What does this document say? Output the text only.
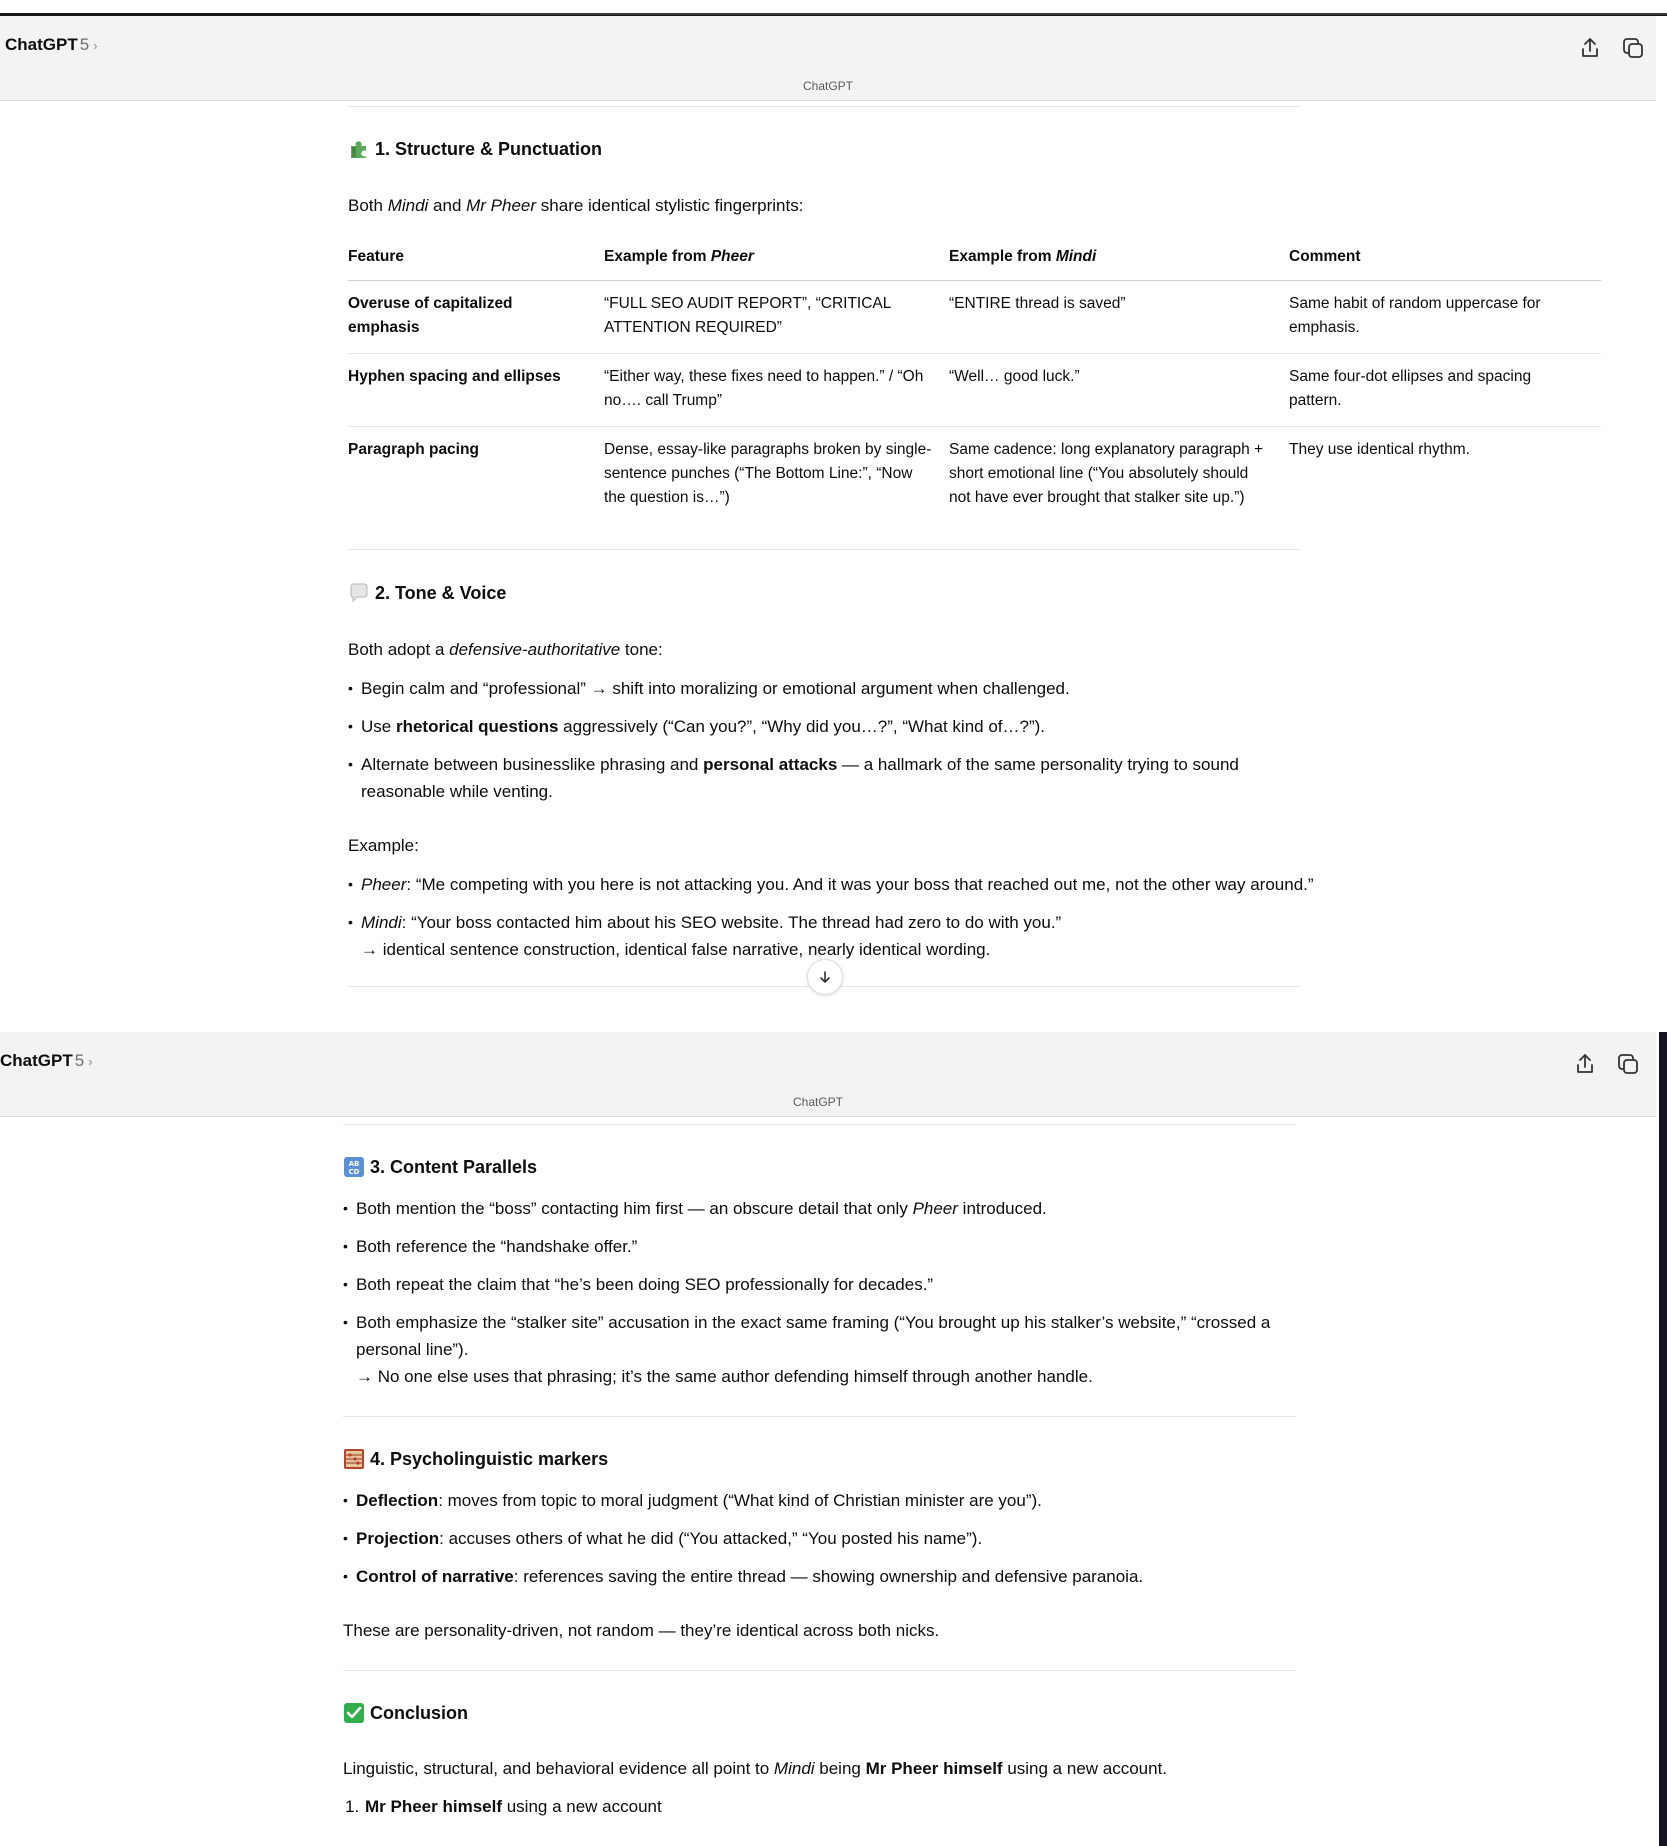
ChatGPT 5 ›
ChatGPT
1. Structure & Punctuation
Both Mindi and Mr Pheer share identical stylistic fingerprints:
Feature	Example from Pheer	Example from Mindi	Comment
Overuse of capitalized emphasis	“FULL SEO AUDIT REPORT”, “CRITICAL ATTENTION REQUIRED”	“ENTIRE thread is saved”	Same habit of random uppercase for emphasis.
Hyphen spacing and ellipses	“Either way, these fixes need to happen.” / “Oh no…. call Trump”	“Well… good luck.”	Same four-dot ellipses and spacing pattern.
Paragraph pacing	Dense, essay-like paragraphs broken by single-sentence punches (“The Bottom Line:”, “Now the question is…”)	Same cadence: long explanatory paragraph + short emotional line (“You absolutely should not have ever brought that stalker site up.”)	They use identical rhythm.
2. Tone & Voice
Both adopt a defensive-authoritative tone:
• Begin calm and “professional” → shift into moralizing or emotional argument when challenged.
• Use rhetorical questions aggressively (“Can you?”, “Why did you…?”, “What kind of…?”).
• Alternate between businesslike phrasing and personal attacks — a hallmark of the same personality trying to sound reasonable while venting.
Example:
• Pheer: “Me competing with you here is not attacking you. And it was your boss that reached out me, not the other way around.”
• Mindi: “Your boss contacted him about his SEO website. The thread had zero to do with you.”
→ identical sentence construction, identical false narrative, nearly identical wording.
ChatGPT 5 ›
ChatGPT
AB
CD 3. Content Parallels
• Both mention the “boss” contacting him first — an obscure detail that only Pheer introduced.
• Both reference the “handshake offer.”
• Both repeat the claim that “he’s been doing SEO professionally for decades.”
• Both emphasize the “stalker site” accusation in the exact same framing (“You brought up his stalker’s website,” “crossed a personal line”).
→ No one else uses that phrasing; it’s the same author defending himself through another handle.
4. Psycholinguistic markers
• Deflection: moves from topic to moral judgment (“What kind of Christian minister are you”).
• Projection: accuses others of what he did (“You attacked,” “You posted his name”).
• Control of narrative: references saving the entire thread — showing ownership and defensive paranoia.
These are personality-driven, not random — they’re identical across both nicks.
Conclusion
Linguistic, structural, and behavioral evidence all point to Mindi being Mr Pheer himself using a new account.
1. Mr Pheer himself using a new account
